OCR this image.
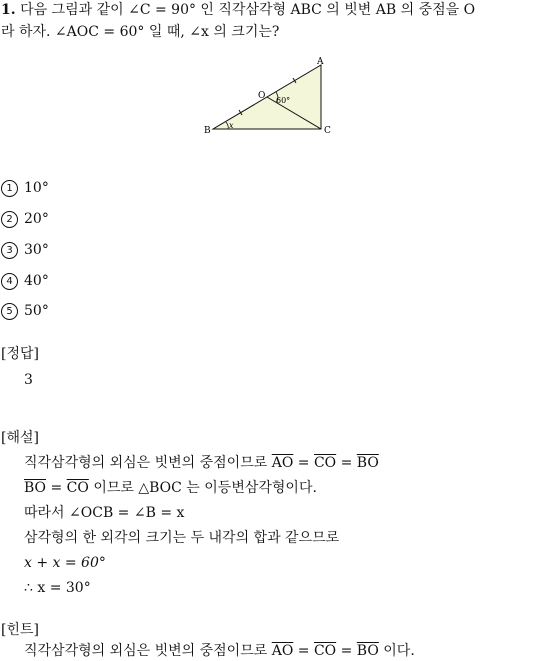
1. 다음 그림과 같이 ∠C = 90° 인 직각삼각형 ABC 의 빗변 AB 의 중점을 O
라 하자. ∠AOC = 60° 일 때, ∠x 의 크기는?
A
B	C
O 60°
x
1 10°
2 20°
3 30°
4 40°
5 50°
[정답]
3
[해설]
직각삼각형의 외심은 빗변의 중점이므로 $\overline{AO} = \overline{CO} = \overline{BO}$
$\overline{BO} = \overline{CO}$ 이므로 △BOC 는 이등변삼각형이다.
따라서 ∠OCB = ∠B = x
삼각형의 한 외각의 크기는 두 내각의 합과 같으므로
x + x = 60°
∴ x = 30°
[힌트]
직각삼각형의 외심은 빗변의 중점이므로 $\overline{AO} = \overline{CO} = \overline{BO}$ 이다.
